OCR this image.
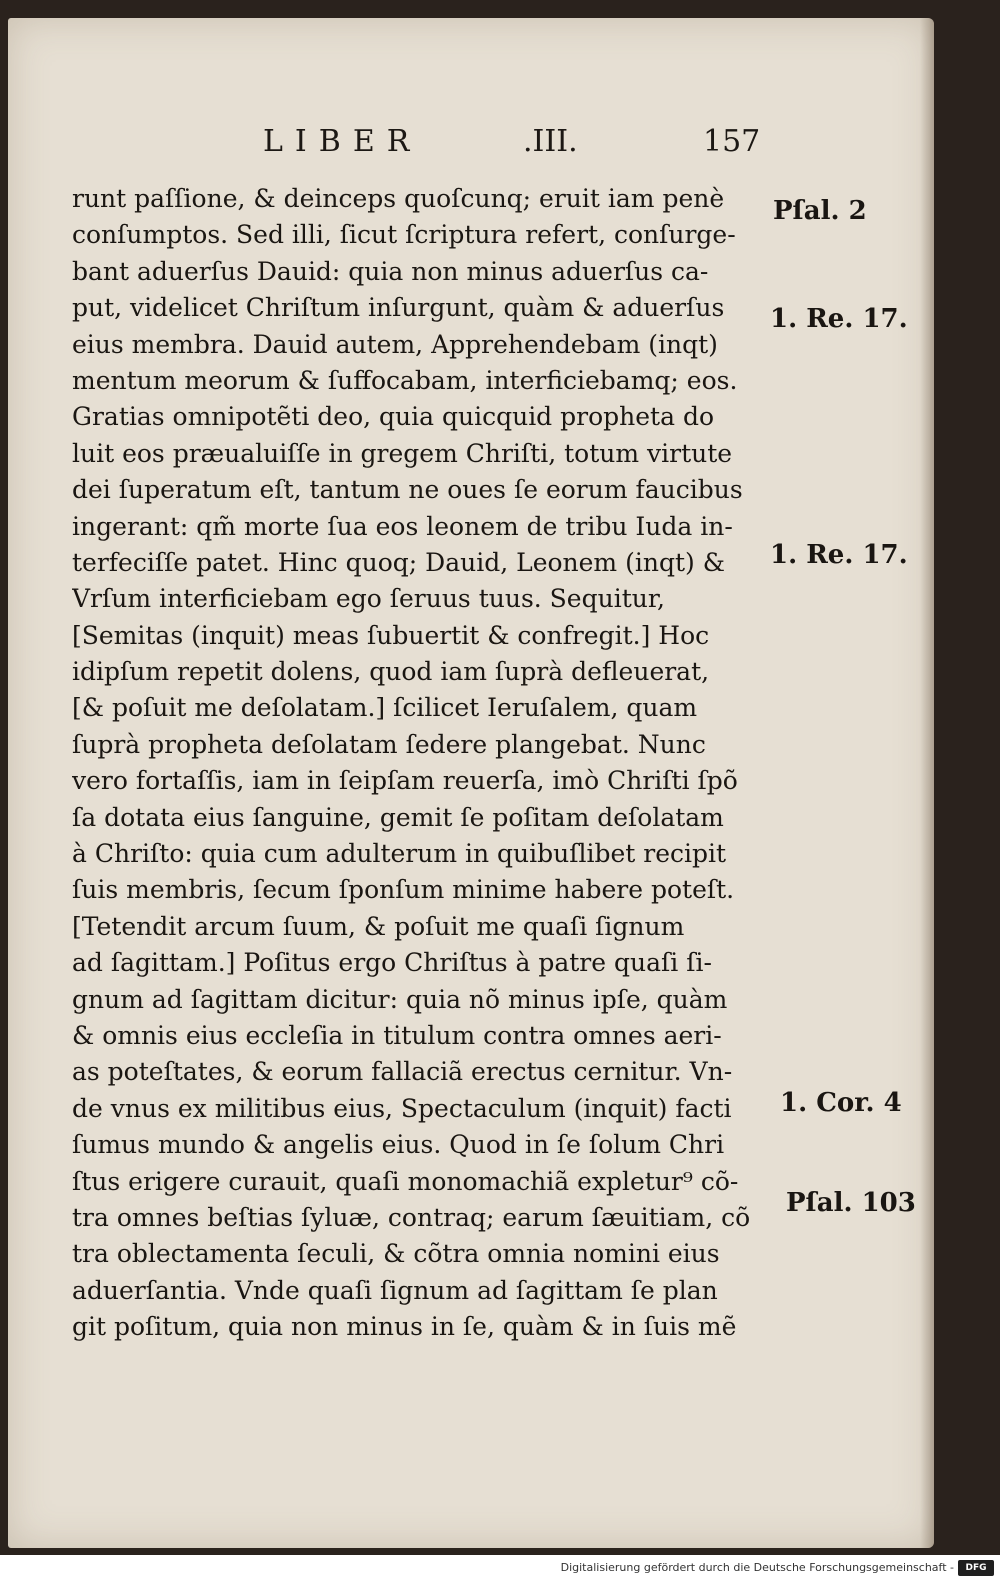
LIBER	.III.	157
runt paſſione, & deinceps quoſcunq; eruit iam penè
conſumptos. Sed illi, ſicut ſcriptura refert, conſurge-
bant aduerſus Dauid: quia non minus aduerſus ca-
put, videlicet Chriſtum inſurgunt, quàm & aduerſus
eius membra. Dauid autem, Apprehendebam (inqt)
mentum meorum & ſuffocabam, interficiebamq; eos.
Gratias omnipotẽti deo, quia quicquid propheta do
luit eos præualuiſſe in gregem Chriſti, totum virtute
dei ſuperatum eſt, tantum ne oues ſe eorum faucibus
ingerant: qm̃ morte ſua eos leonem de tribu Iuda in-
terfeciſſe patet. Hinc quoq; Dauid, Leonem (inqt) &
Vrſum interficiebam ego ſeruus tuus. Sequitur,
[Semitas (inquit) meas ſubuertit & confregit.] Hoc
idipſum repetit dolens, quod iam ſuprà defleuerat,
[& poſuit me deſolatam.] ſcilicet Ieruſalem, quam
ſuprà propheta deſolatam ſedere plangebat. Nunc
vero fortaſſis, iam in ſeipſam reuerſa, imò Chriſti ſpõ
ſa dotata eius ſanguine, gemit ſe poſitam deſolatam
à Chriſto: quia cum adulterum in quibuſlibet recipit
ſuis membris, ſecum ſponſum minime habere poteſt.
[Tetendit arcum ſuum, & poſuit me quaſi ſignum
ad ſagittam.] Poſitus ergo Chriſtus à patre quaſi ſi-
gnum ad ſagittam dicitur: quia nõ minus ipſe, quàm
& omnis eius eccleſia in titulum contra omnes aeri-
as poteſtates, & eorum fallaciã erectus cernitur. Vn-
de vnus ex militibus eius, Spectaculum (inquit) facti
ſumus mundo & angelis eius. Quod in ſe ſolum Chri
ſtus erigere curauit, quaſi monomachiã expletur⁹ cõ-
tra omnes beſtias ſyluæ, contraq; earum ſæuitiam, cõ
tra oblectamenta ſeculi, & cõtra omnia nomini eius
aduerſantia. Vnde quaſi ſignum ad ſagittam ſe plan
git poſitum, quia non minus in ſe, quàm & in ſuis mẽ
Pſal. 2
1. Re. 17.
1. Re. 17.
1. Cor. 4
Pſal. 103
Digitalisierung gefördert durch die Deutsche Forschungsgemeinschaft -	DFG
